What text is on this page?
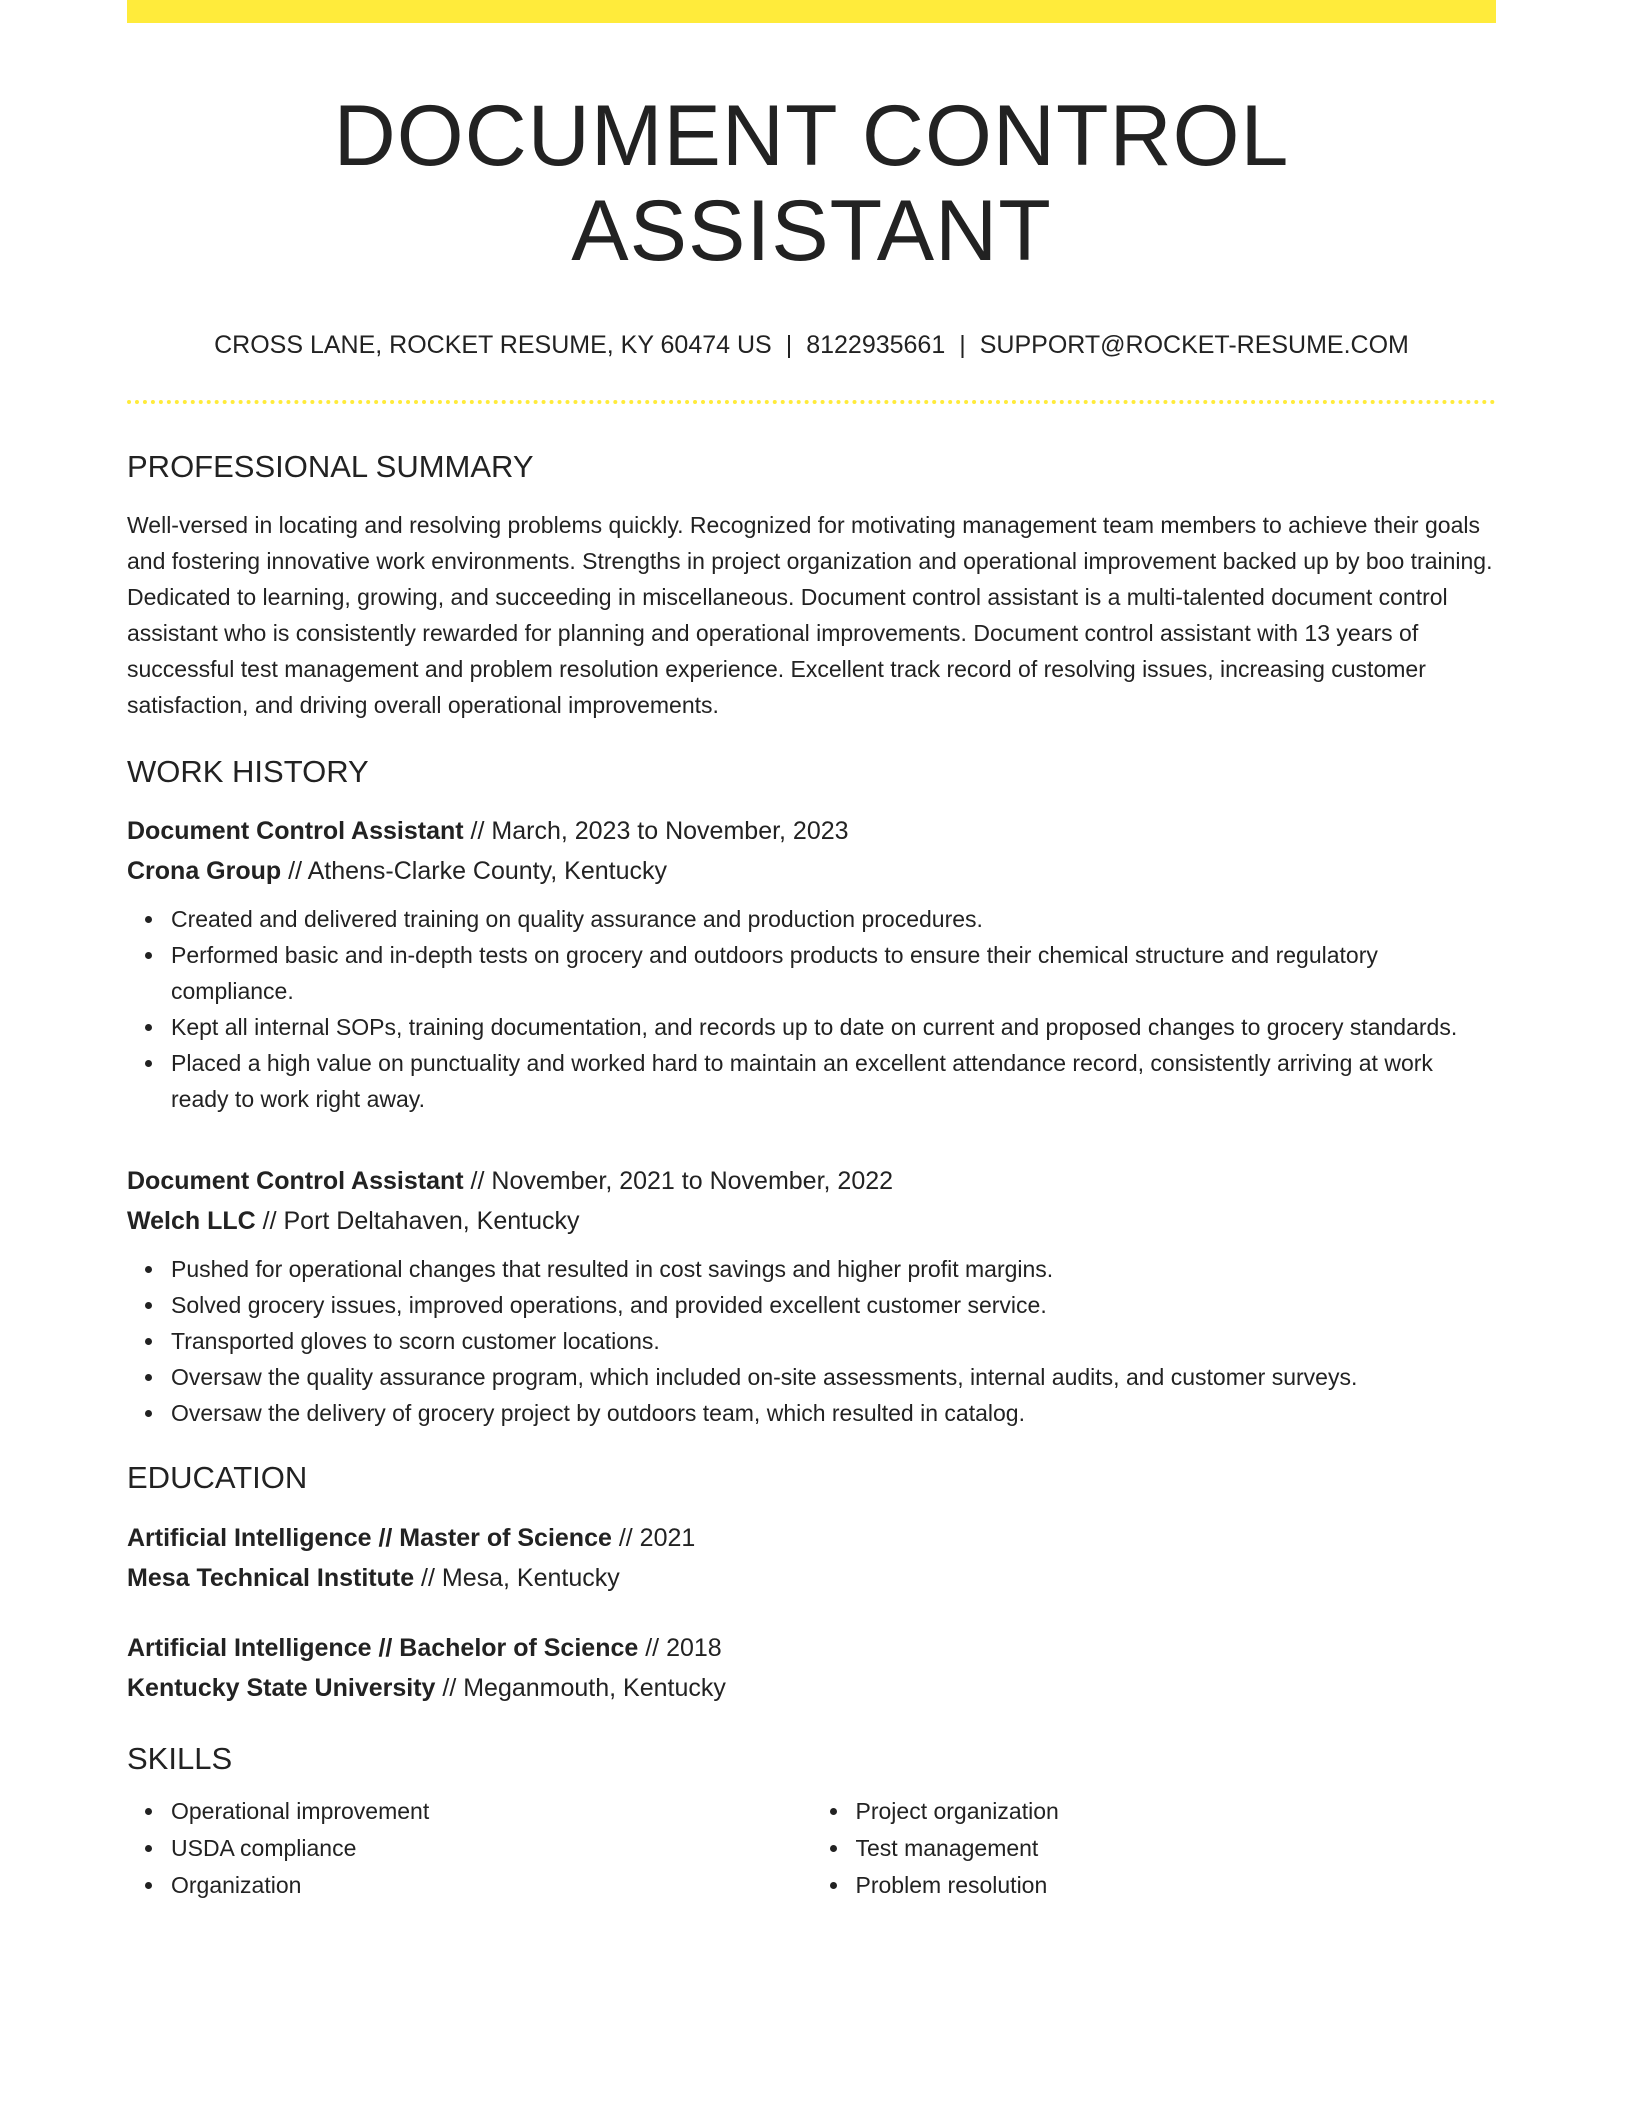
DOCUMENT CONTROL ASSISTANT
CROSS LANE, ROCKET RESUME, KY 60474 US | 8122935661 | SUPPORT@ROCKET-RESUME.COM
PROFESSIONAL SUMMARY

Well-versed in locating and resolving problems quickly. Recognized for motivating management team members to achieve their goals and fostering innovative work environments. Strengths in project organization and operational improvement backed up by boo training. Dedicated to learning, growing, and succeeding in miscellaneous. Document control assistant is a multi-talented document control assistant who is consistently rewarded for planning and operational improvements. Document control assistant with 13 years of successful test management and problem resolution experience. Excellent track record of resolving issues, increasing customer satisfaction, and driving overall operational improvements.

WORK HISTORY
Document Control Assistant // March, 2023 to November, 2023
Crona Group // Athens-Clarke County, Kentucky
Created and delivered training on quality assurance and production procedures.
Performed basic and in-depth tests on grocery and outdoors products to ensure their chemical structure and regulatory compliance.
Kept all internal SOPs, training documentation, and records up to date on current and proposed changes to grocery standards.
Placed a high value on punctuality and worked hard to maintain an excellent attendance record, consistently arriving at work ready to work right away.
Document Control Assistant // November, 2021 to November, 2022
Welch LLC // Port Deltahaven, Kentucky
Pushed for operational changes that resulted in cost savings and higher profit margins.
Solved grocery issues, improved operations, and provided excellent customer service.
Transported gloves to scorn customer locations.
Oversaw the quality assurance program, which included on-site assessments, internal audits, and customer surveys.
Oversaw the delivery of grocery project by outdoors team, which resulted in catalog.
EDUCATION
Artificial Intelligence // Master of Science // 2021
Mesa Technical Institute // Mesa, Kentucky
Artificial Intelligence // Bachelor of Science // 2018
Kentucky State University // Meganmouth, Kentucky
SKILLS
Operational improvement
USDA compliance
Organization
Project organization
Test management
Problem resolution
